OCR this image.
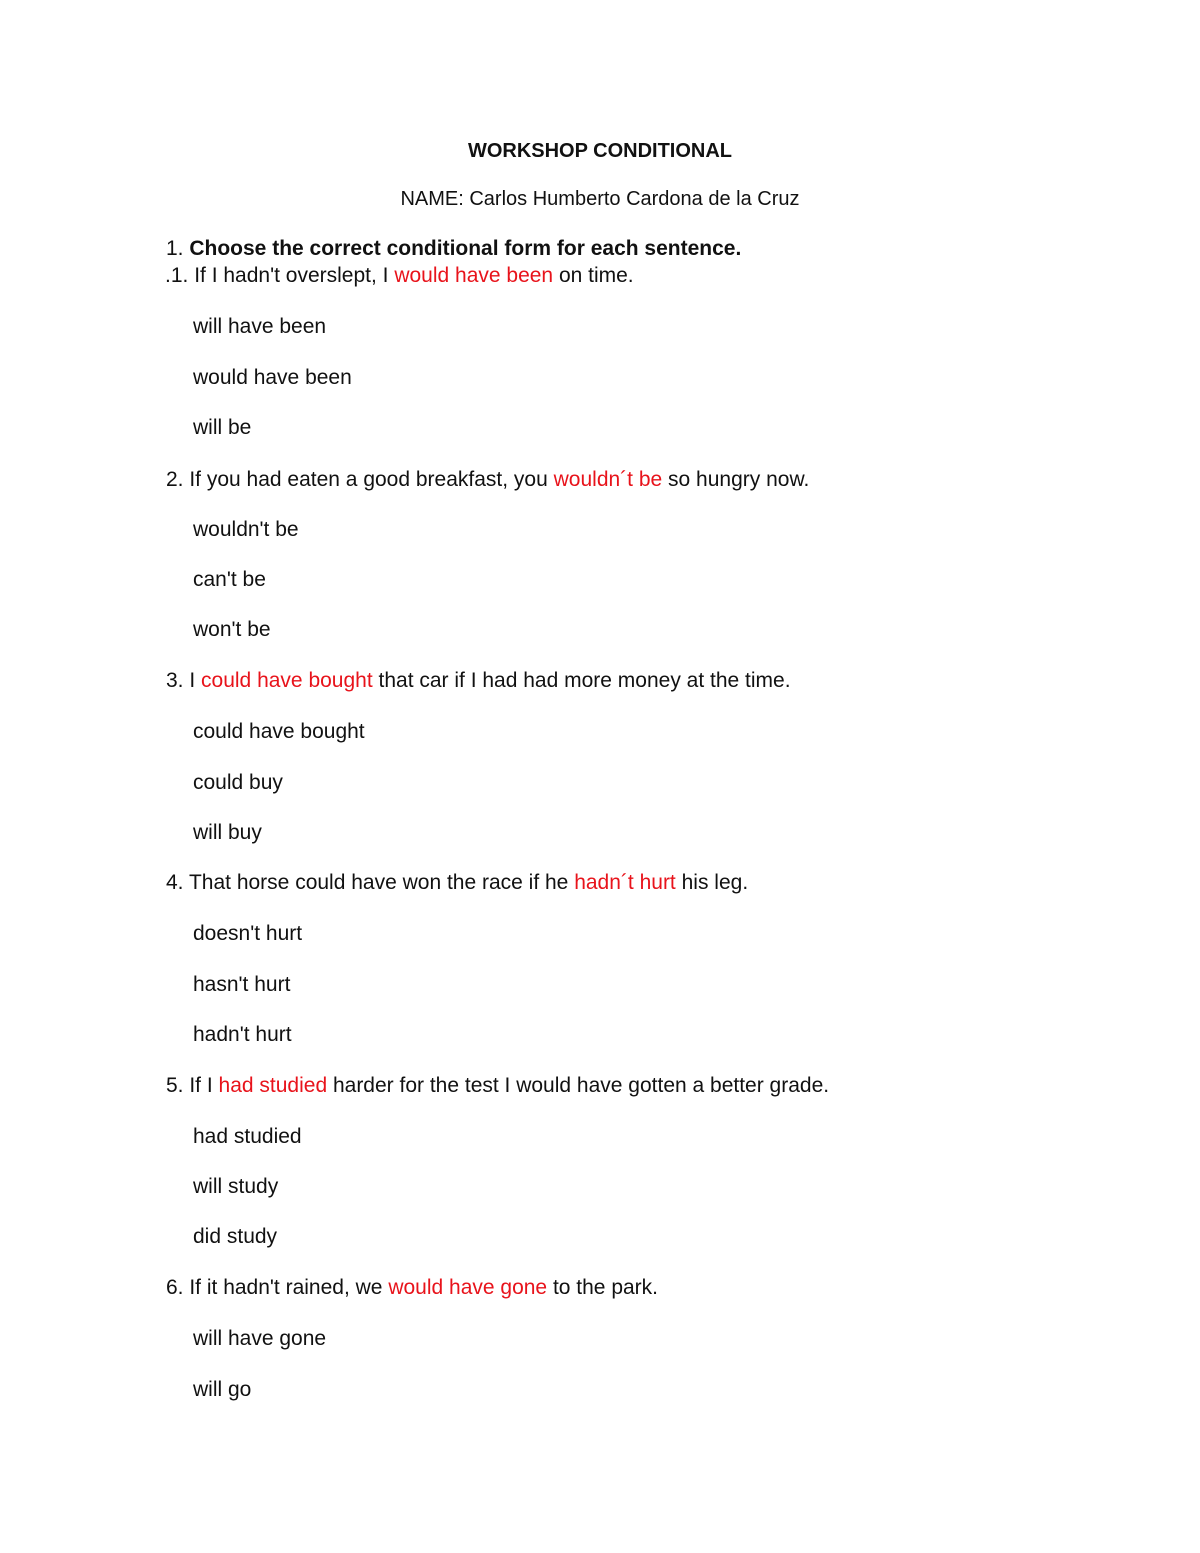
WORKSHOP CONDITIONAL
NAME: Carlos Humberto Cardona de la Cruz
1. Choose the correct conditional form for each sentence.
.1. If I hadn't overslept, I would have been on time.
will have been
would have been
will be
2. If you had eaten a good breakfast, you wouldn´t be so hungry now.
wouldn't be
can't be
won't be
3. I could have bought that car if I had had more money at the time.
could have bought
could buy
will buy
4. That horse could have won the race if he hadn´t hurt his leg.
doesn't hurt
hasn't hurt
hadn't hurt
5. If I had studied harder for the test I would have gotten a better grade.
had studied
will study
did study
6. If it hadn't rained, we would have gone to the park.
will have gone
will go
